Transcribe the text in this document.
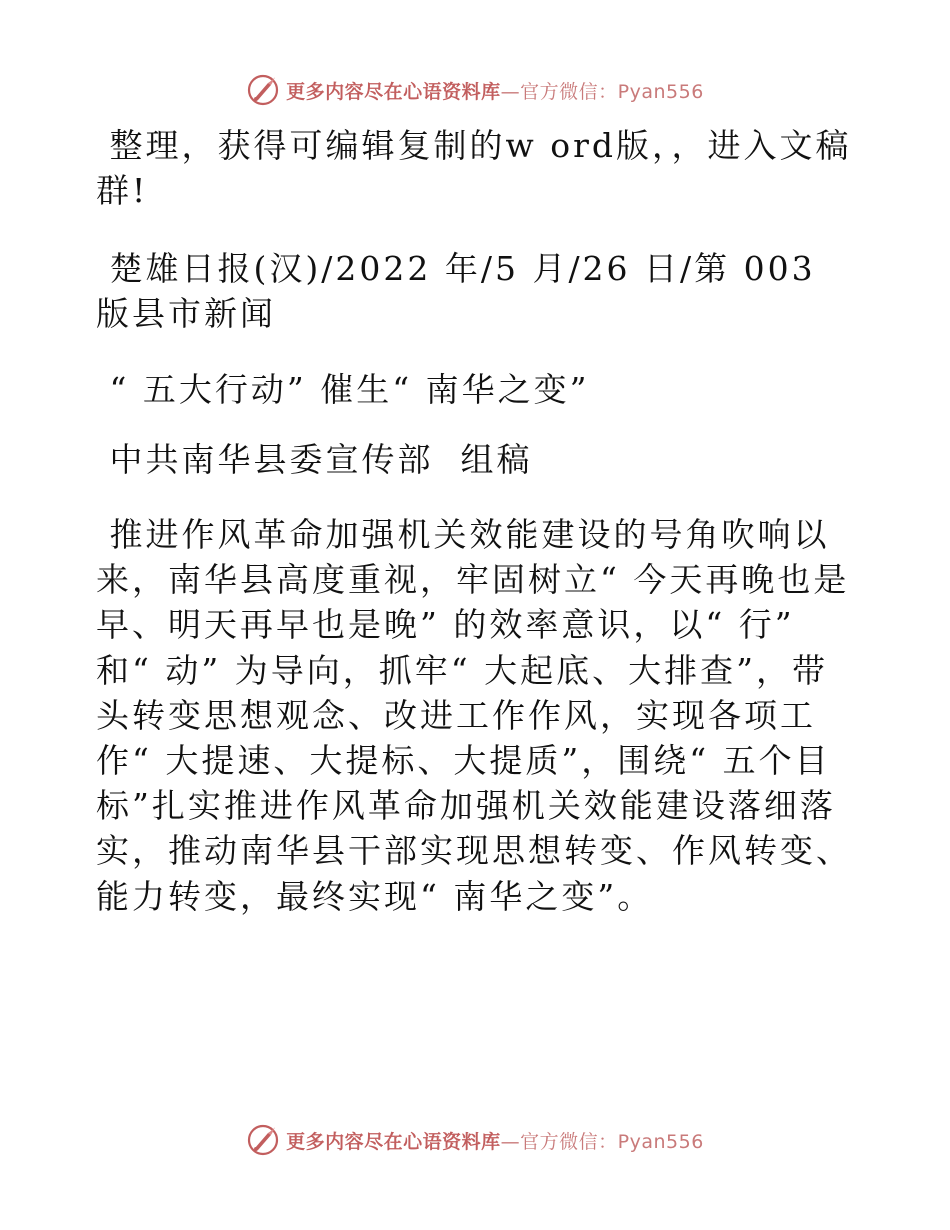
更多内容尽在心语资料库—官方微信：Pyan556

整理，获得可编辑复制的w ord版，，进入文稿群!

楚雄日报(汉)/2022 年/5 月/26 日/第 003 版县市新闻

“ 五大行动” 催生“ 南华之变”

中共南华县委宣传部  组稿

推进作风革命加强机关效能建设的号角吹响以来，南华县高度重视，牢固树立“ 今天再晚也是早、明天再早也是晚” 的效率意识，以“ 行” 和“ 动” 为导向，抓牢“ 大起底、大排查”，带头转变思想观念、改进工作作风，实现各项工作“ 大提速、大提标、大提质”，围绕“ 五个目标”扎实推进作风革命加强机关效能建设落细落实，推动南华县干部实现思想转变、作风转变、能力转变，最终实现“ 南华之变”。

更多内容尽在心语资料库—官方微信：Pyan556
